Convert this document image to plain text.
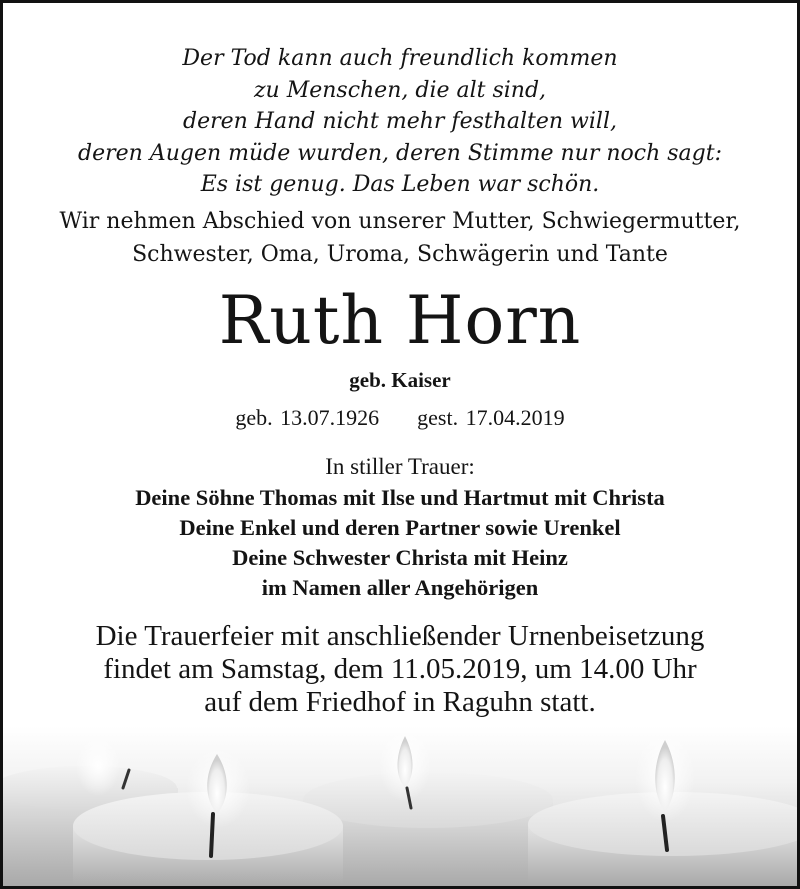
Der Tod kann auch freundlich kommen
zu Menschen, die alt sind,
deren Hand nicht mehr festhalten will,
deren Augen müde wurden, deren Stimme nur noch sagt:
Es ist genug. Das Leben war schön.
Wir nehmen Abschied von unserer Mutter, Schwiegermutter,
Schwester, Oma, Uroma, Schwägerin und Tante
Ruth Horn
geb. Kaiser
geb. 13.07.1926 gest. 17.04.2019
In stiller Trauer:
Deine Söhne Thomas mit Ilse und Hartmut mit Christa
Deine Enkel und deren Partner sowie Urenkel
Deine Schwester Christa mit Heinz
im Namen aller Angehörigen
Die Trauerfeier mit anschließender Urnenbeisetzung
findet am Samstag, dem 11.05.2019, um 14.00 Uhr
auf dem Friedhof in Raguhn statt.
